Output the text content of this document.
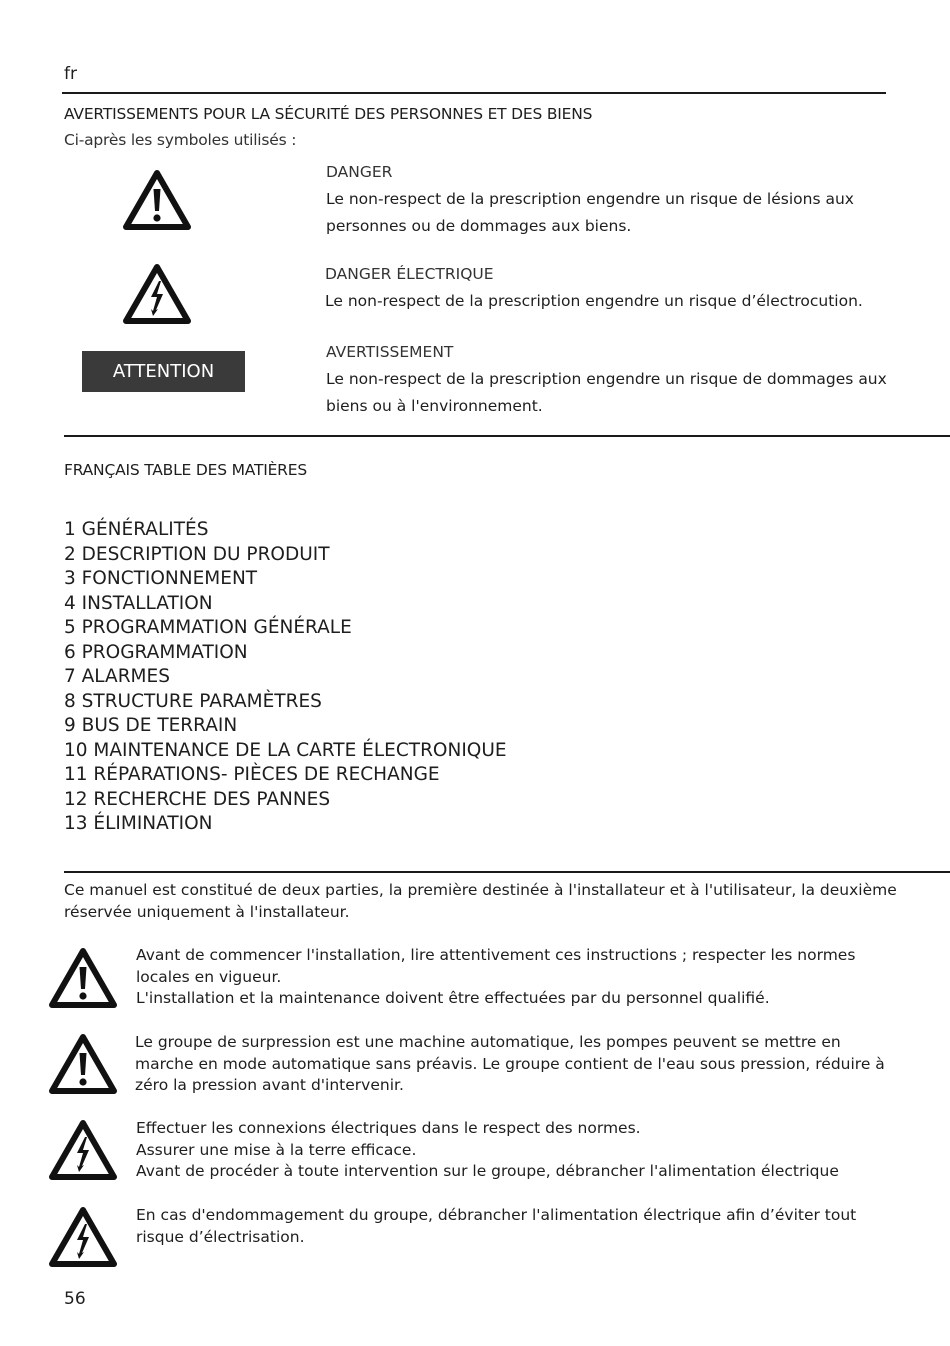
fr
AVERTISSEMENTS POUR LA SÉCURITÉ DES PERSONNES ET DES BIENS
Ci-après les symboles utilisés :
DANGER
Le non-respect de la prescription engendre un risque de lésions aux
personnes ou de dommages aux biens.
DANGER ÉLECTRIQUE
Le non-respect de la prescription engendre un risque d’électrocution.
ATTENTION
AVERTISSEMENT
Le non-respect de la prescription engendre un risque de dommages aux
biens ou à l'environnement.
FRANÇAIS TABLE DES MATIÈRES
1 GÉNÉRALITÉS
2 DESCRIPTION DU PRODUIT
3 FONCTIONNEMENT
4 INSTALLATION
5 PROGRAMMATION GÉNÉRALE
6 PROGRAMMATION
7 ALARMES
8 STRUCTURE PARAMÈTRES
9 BUS DE TERRAIN
10 MAINTENANCE DE LA CARTE ÉLECTRONIQUE
11 RÉPARATIONS- PIÈCES DE RECHANGE
12 RECHERCHE DES PANNES
13 ÉLIMINATION
Ce manuel est constitué de deux parties, la première destinée à l'installateur et à l'utilisateur, la deuxième
réservée uniquement à l'installateur.
Avant de commencer l'installation, lire attentivement ces instructions ; respecter les normes
locales en vigueur.
L'installation et la maintenance doivent être effectuées par du personnel qualifié.
Le groupe de surpression est une machine automatique, les pompes peuvent se mettre en
marche en mode automatique sans préavis. Le groupe contient de l'eau sous pression, réduire à
zéro la pression avant d'intervenir.
Effectuer les connexions électriques dans le respect des normes.
Assurer une mise à la terre efficace.
Avant de procéder à toute intervention sur le groupe, débrancher l'alimentation électrique
En cas d'endommagement du groupe, débrancher l'alimentation électrique afin d’éviter tout
risque d’électrisation.
56
